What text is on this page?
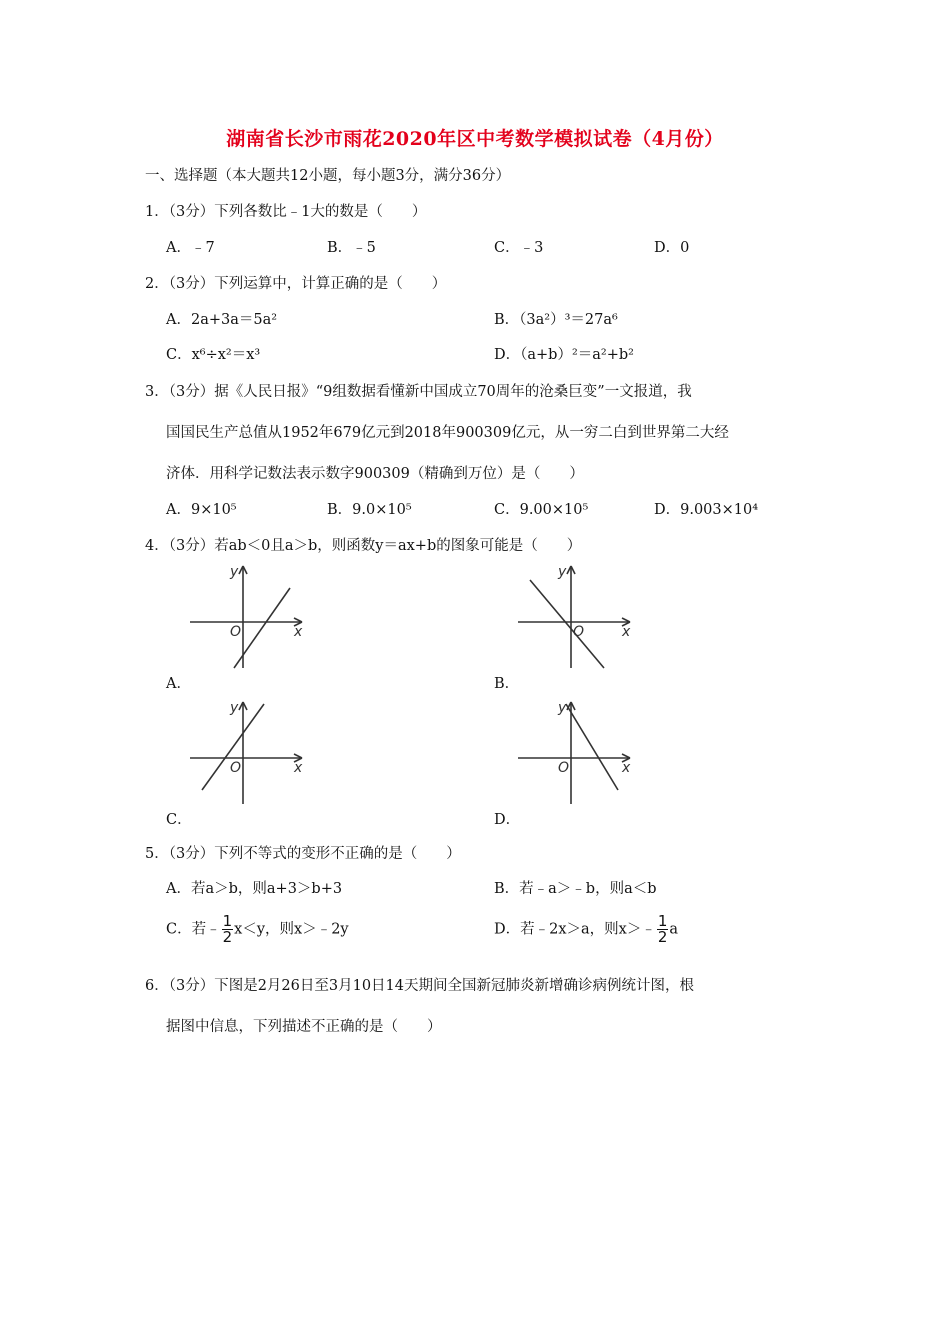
湖南省长沙市雨花2020年区中考数学模拟试卷（4月份）
一、选择题（本大题共12小题，每小题3分，满分36分）
1．（3分）下列各数比﹣1大的数是（　　）
A．﹣7	B．﹣5	C．﹣3	D．0
2．（3分）下列运算中，计算正确的是（　　）
A．2a+3a＝5a²	B．（3a²）³＝27a⁶
C．x⁶÷x²＝x³	D．（a+b）²＝a²+b²
3．（3分）据《人民日报》“9组数据看懂新中国成立70周年的沧桑巨变”一文报道，我
国国民生产总值从1952年679亿元到2018年900309亿元，从一穷二白到世界第二大经
济体．用科学记数法表示数字900309（精确到万位）是（　　）
A．9×10⁵	B．9.0×10⁵	C．9.00×10⁵	D．9.003×10⁴
4．（3分）若ab＜0且a＞b，则函数y＝ax+b的图象可能是（　　）
y
x
O
A．
y
x
O
B．
y
x
O
C．
y
x
O
D．
5．（3分）下列不等式的变形不正确的是（　　）
A．若a＞b，则a+3＞b+3	B．若﹣a＞﹣b，则a＜b
C．若﹣ $\frac{1}{2} x<y$，则x＞﹣2y	D．若﹣2x＞a，则x＞﹣ $\frac{1}{2}$ a
6．（3分）下图是2月26日至3月10日14天期间全国新冠肺炎新增确诊病例统计图，根
据图中信息，下列描述不正确的是（　　）
